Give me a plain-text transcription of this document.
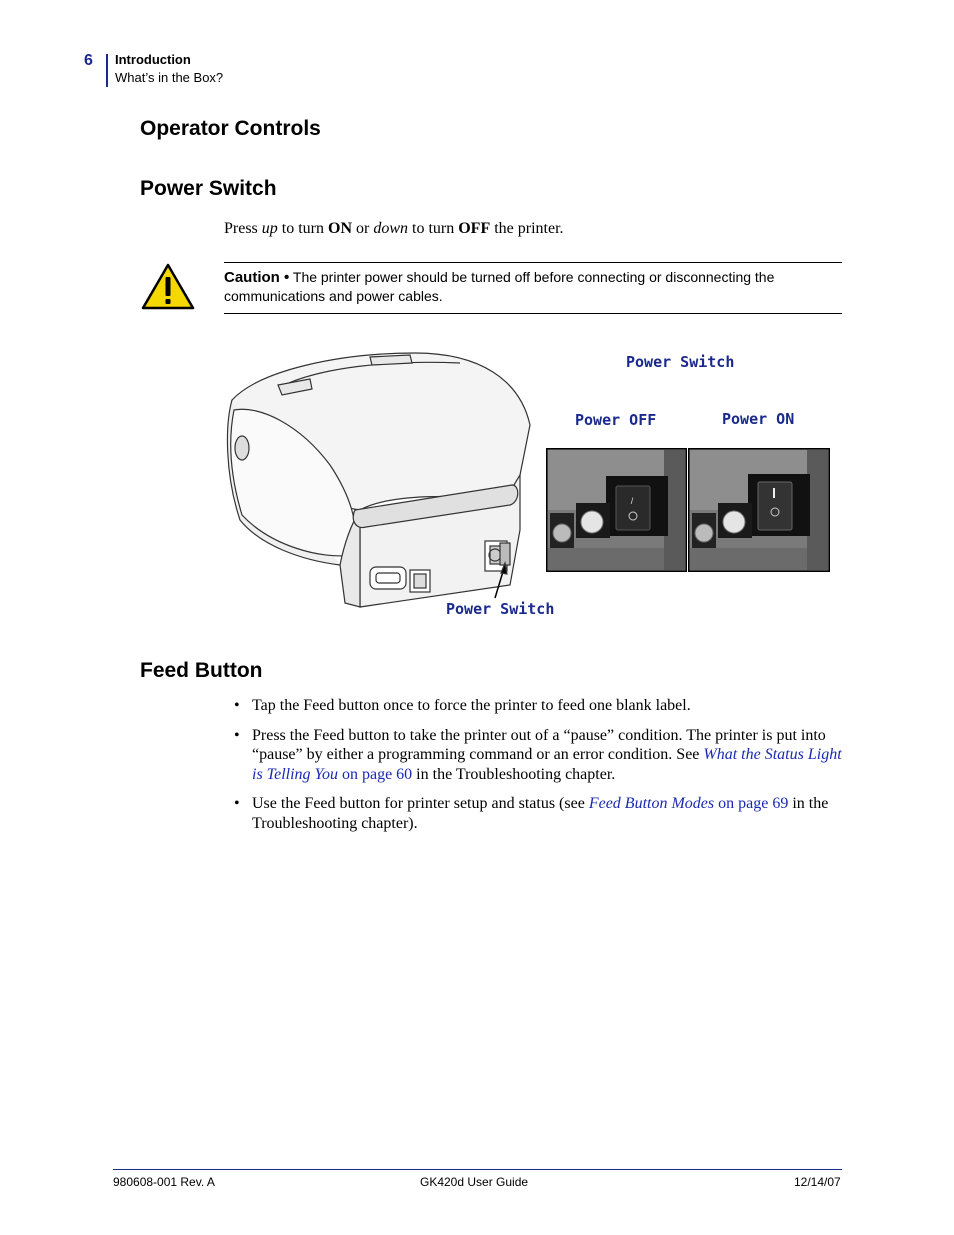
6 Introduction
What’s in the Box?
Operator Controls
Power Switch
Press up to turn ON or down to turn OFF the printer.
Caution • The printer power should be turned off before connecting or disconnecting the communications and power cables.
Power Switch
Power OFF	Power ON
Power Switch
/
Feed Button
• Tap the Feed button once to force the printer to feed one blank label.
• Press the Feed button to take the printer out of a “pause” condition. The printer is put into “pause” by either a programming command or an error condition. See What the Status Light is Telling You on page 60 in the Troubleshooting chapter.
• Use the Feed button for printer setup and status (see Feed Button Modes on page 69 in the Troubleshooting chapter).
980608-001 Rev. A	GK420d User Guide	12/14/07
